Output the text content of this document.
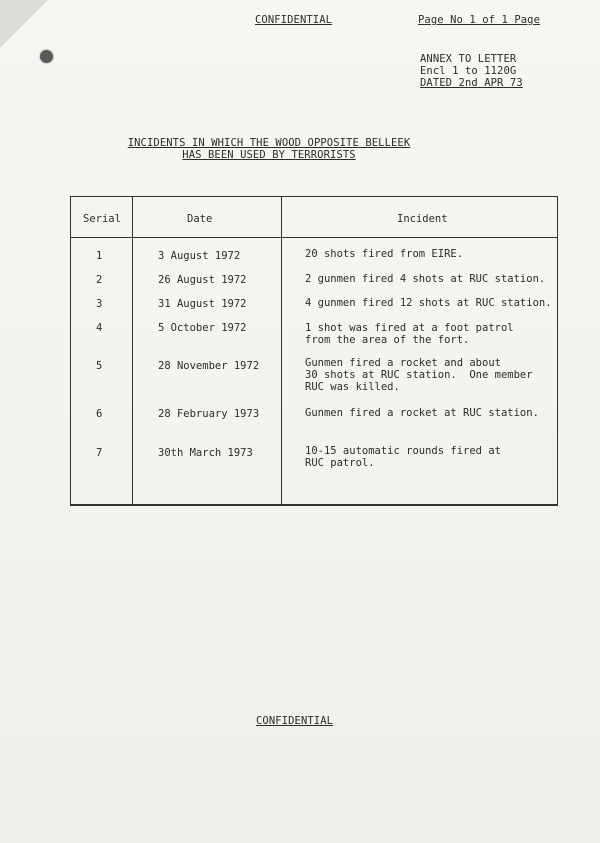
CONFIDENTIAL	Page No 1 of 1 Page
ANNEX TO LETTER
Encl 1 to 1120G
DATED 2nd APR 73
INCIDENTS IN WHICH THE WOOD OPPOSITE BELLEEK
HAS BEEN USED BY TERRORISTS
Serial	Date	Incident
1	3 August 1972	20 shots fired from EIRE.
2	26 August 1972	2 gunmen fired 4 shots at RUC station.
3	31 August 1972	4 gunmen fired 12 shots at RUC station.
4	5 October 1972	1 shot was fired at a foot patrol
from the area of the fort.
5	28 November 1972	Gunmen fired a rocket and about
30 shots at RUC station.  One member
RUC was killed.
6	28 February 1973	Gunmen fired a rocket at RUC station.
7	30th March 1973	10-15 automatic rounds fired at
RUC patrol.
CONFIDENTIAL
